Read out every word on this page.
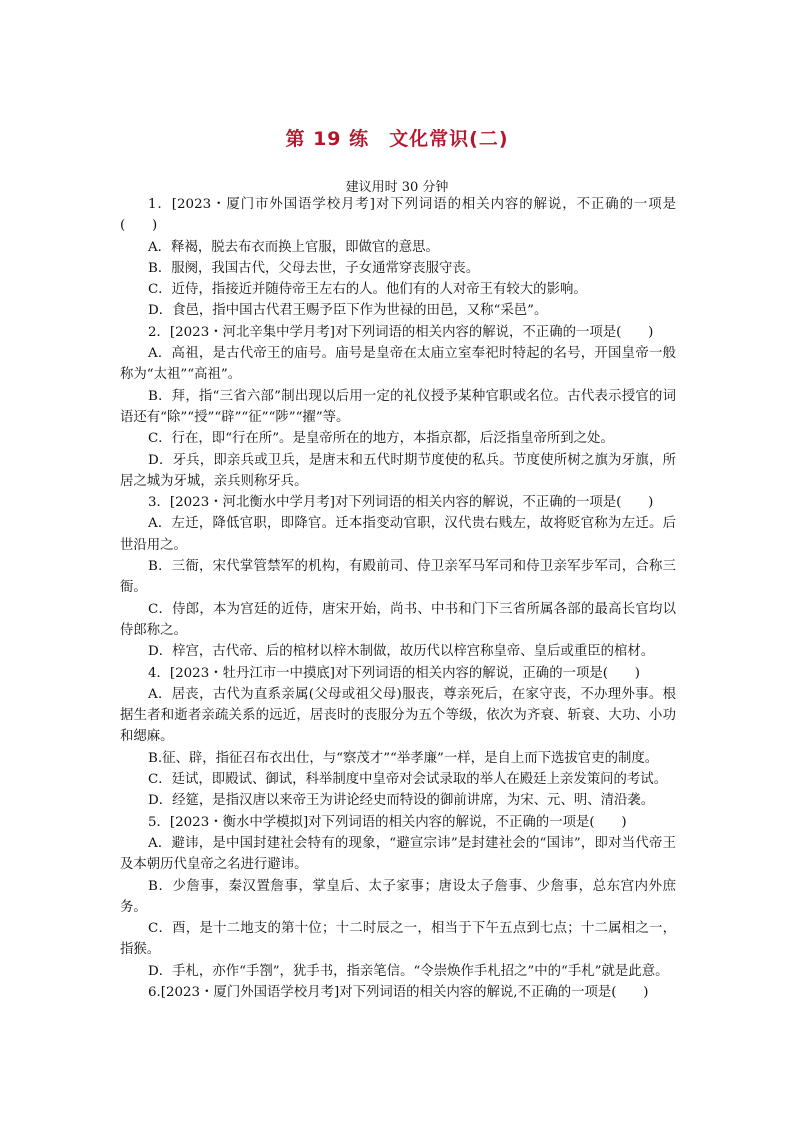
第 19 练　文化常识(二)
建议用时 30 分钟

1．[2023・厦门市外国语学校月考]对下列词语的相关内容的解说，不正确的一项是(　　)

A．释褐，脱去布衣而换上官服，即做官的意思。

B．服阕，我国古代，父母去世，子女通常穿丧服守丧。

C．近侍，指接近并随侍帝王左右的人。他们有的人对帝王有较大的影响。

D．食邑，指中国古代君王赐予臣下作为世禄的田邑，又称“采邑”。

2．[2023・河北辛集中学月考]对下列词语的相关内容的解说，不正确的一项是(　　)

A．高祖，是古代帝王的庙号。庙号是皇帝在太庙立室奉祀时特起的名号，开国皇帝一般称为“太祖”“高祖”。

B．拜，指“三省六部”制出现以后用一定的礼仪授予某种官职或名位。古代表示授官的词语还有“除”“授”“辟”“征”“陟”“擢”等。

C．行在，即“行在所”。是皇帝所在的地方，本指京都，后泛指皇帝所到之处。

D．牙兵，即亲兵或卫兵，是唐末和五代时期节度使的私兵。节度使所树之旗为牙旗，所居之城为牙城，亲兵则称牙兵。

3．[2023・河北衡水中学月考]对下列词语的相关内容的解说，不正确的一项是(　　)

A．左迁，降低官职，即降官。迁本指变动官职，汉代贵右贱左，故将贬官称为左迁。后世沿用之。

B．三衙，宋代掌管禁军的机构，有殿前司、侍卫亲军马军司和侍卫亲军步军司，合称三衙。

C．侍郎，本为宫廷的近侍，唐宋开始，尚书、中书和门下三省所属各部的最高长官均以侍郎称之。

D．梓宫，古代帝、后的棺材以梓木制做，故历代以梓宫称皇帝、皇后或重臣的棺材。

4．[2023・牡丹江市一中摸底]对下列词语的相关内容的解说，正确的一项是(　　)

A．居丧，古代为直系亲属(父母或祖父母)服丧，尊亲死后，在家守丧，不办理外事。根据生者和逝者亲疏关系的远近，居丧时的丧服分为五个等级，依次为齐衰、斩衰、大功、小功和缌麻。

B.征、辟，指征召布衣出仕，与“察茂才”“举孝廉”一样，是自上而下选拔官吏的制度。

C．廷试，即殿试、御试，科举制度中皇帝对会试录取的举人在殿廷上亲发策问的考试。

D．经筵，是指汉唐以来帝王为讲论经史而特设的御前讲席，为宋、元、明、清沿袭。

5．[2023・衡水中学模拟]对下列词语的相关内容的解说，不正确的一项是(　　)

A．避讳，是中国封建社会特有的现象，“避宣宗讳”是封建社会的“国讳”，即对当代帝王及本朝历代皇帝之名进行避讳。

B．少詹事，秦汉置詹事，掌皇后、太子家事；唐设太子詹事、少詹事，总东宫内外庶务。

C．酉，是十二地支的第十位；十二时辰之一，相当于下午五点到七点；十二属相之一，指猴。

D．手札，亦作“手劄”，犹手书，指亲笔信。“令崇焕作手札招之”中的“手札”就是此意。

6.[2023・厦门外国语学校月考]对下列词语的相关内容的解说,不正确的一项是(　　)
